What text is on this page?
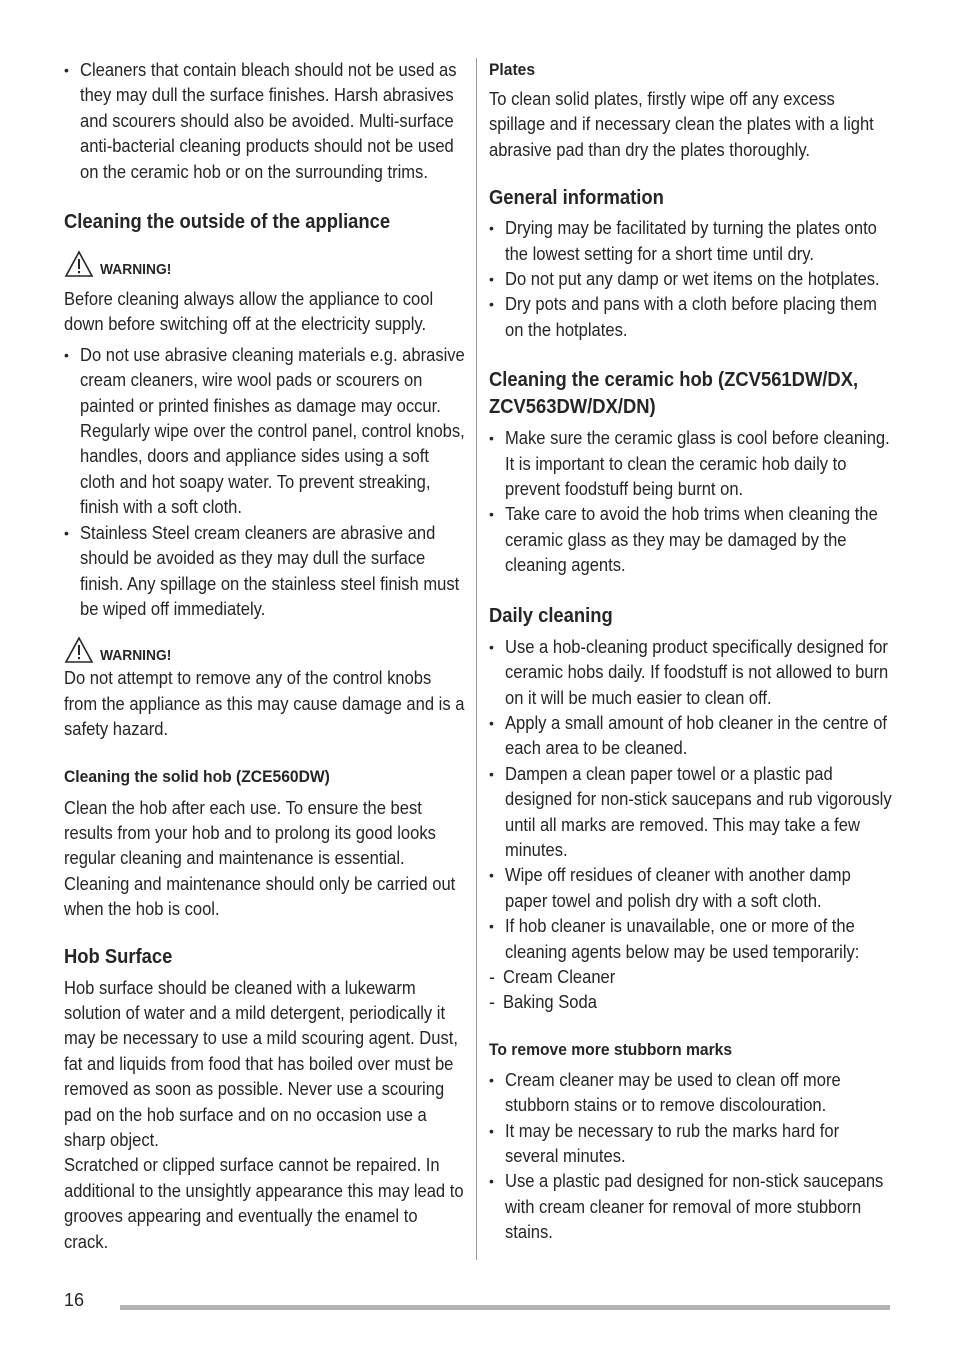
• Cleaners that contain bleach should not be used as they may dull the surface finishes. Harsh abrasives and scourers should also be avoided. Multi-surface anti-bacterial cleaning products should not be used on the ceramic hob or on the surrounding trims.
Cleaning the outside of the appliance
WARNING!

Before cleaning always allow the appliance to cool down before switching off at the electricity supply.

• Do not use abrasive cleaning materials e.g. abrasive cream cleaners, wire wool pads or scourers on painted or printed finishes as damage may occur. Regularly wipe over the control panel, control knobs, handles, doors and appliance sides using a soft cloth and hot soapy water. To prevent streaking, finish with a soft cloth.
• Stainless Steel cream cleaners are abrasive and should be avoided as they may dull the surface finish. Any spillage on the stainless steel finish must be wiped off immediately.
WARNING!

Do not attempt to remove any of the control knobs from the appliance as this may cause damage and is a safety hazard.

Cleaning the solid hob (ZCE560DW)

Clean the hob after each use. To ensure the best results from your hob and to prolong its good looks regular cleaning and maintenance is essential. Cleaning and maintenance should only be carried out when the hob is cool.

Hob Surface

Hob surface should be cleaned with a lukewarm solution of water and a mild detergent, periodically it may be necessary to use a mild scouring agent. Dust, fat and liquids from food that has boiled over must be removed as soon as possible. Never use a scouring pad on the hob surface and on no occasion use a sharp object.

Scratched or clipped surface cannot be repaired. In additional to the unsightly appearance this may lead to grooves appearing and eventually the enamel to crack.

Plates

To clean solid plates, firstly wipe off any excess spillage and if necessary clean the plates with a light abrasive pad than dry the plates thoroughly.

General information
• Drying may be facilitated by turning the plates onto the lowest setting for a short time until dry.
• Do not put any damp or wet items on the hotplates.
• Dry pots and pans with a cloth before placing them on the hotplates.
Cleaning the ceramic hob (ZCV561DW/DX, ZCV563DW/DX/DN)
• Make sure the ceramic glass is cool before cleaning. It is important to clean the ceramic hob daily to prevent foodstuff being burnt on.
• Take care to avoid the hob trims when cleaning the ceramic glass as they may be damaged by the cleaning agents.
Daily cleaning
• Use a hob-cleaning product specifically designed for ceramic hobs daily. If foodstuff is not allowed to burn on it will be much easier to clean off.
• Apply a small amount of hob cleaner in the centre of each area to be cleaned.
• Dampen a clean paper towel or a plastic pad designed for non-stick saucepans and rub vigorously until all marks are removed. This may take a few minutes.
• Wipe off residues of cleaner with another damp paper towel and polish dry with a soft cloth.
• If hob cleaner is unavailable, one or more of the cleaning agents below may be used temporarily:
- Cream Cleaner
- Baking Soda
To remove more stubborn marks
• Cream cleaner may be used to clean off more stubborn stains or to remove discolouration.
• It may be necessary to rub the marks hard for several minutes.
• Use a plastic pad designed for non-stick saucepans with cream cleaner for removal of more stubborn stains.
16
